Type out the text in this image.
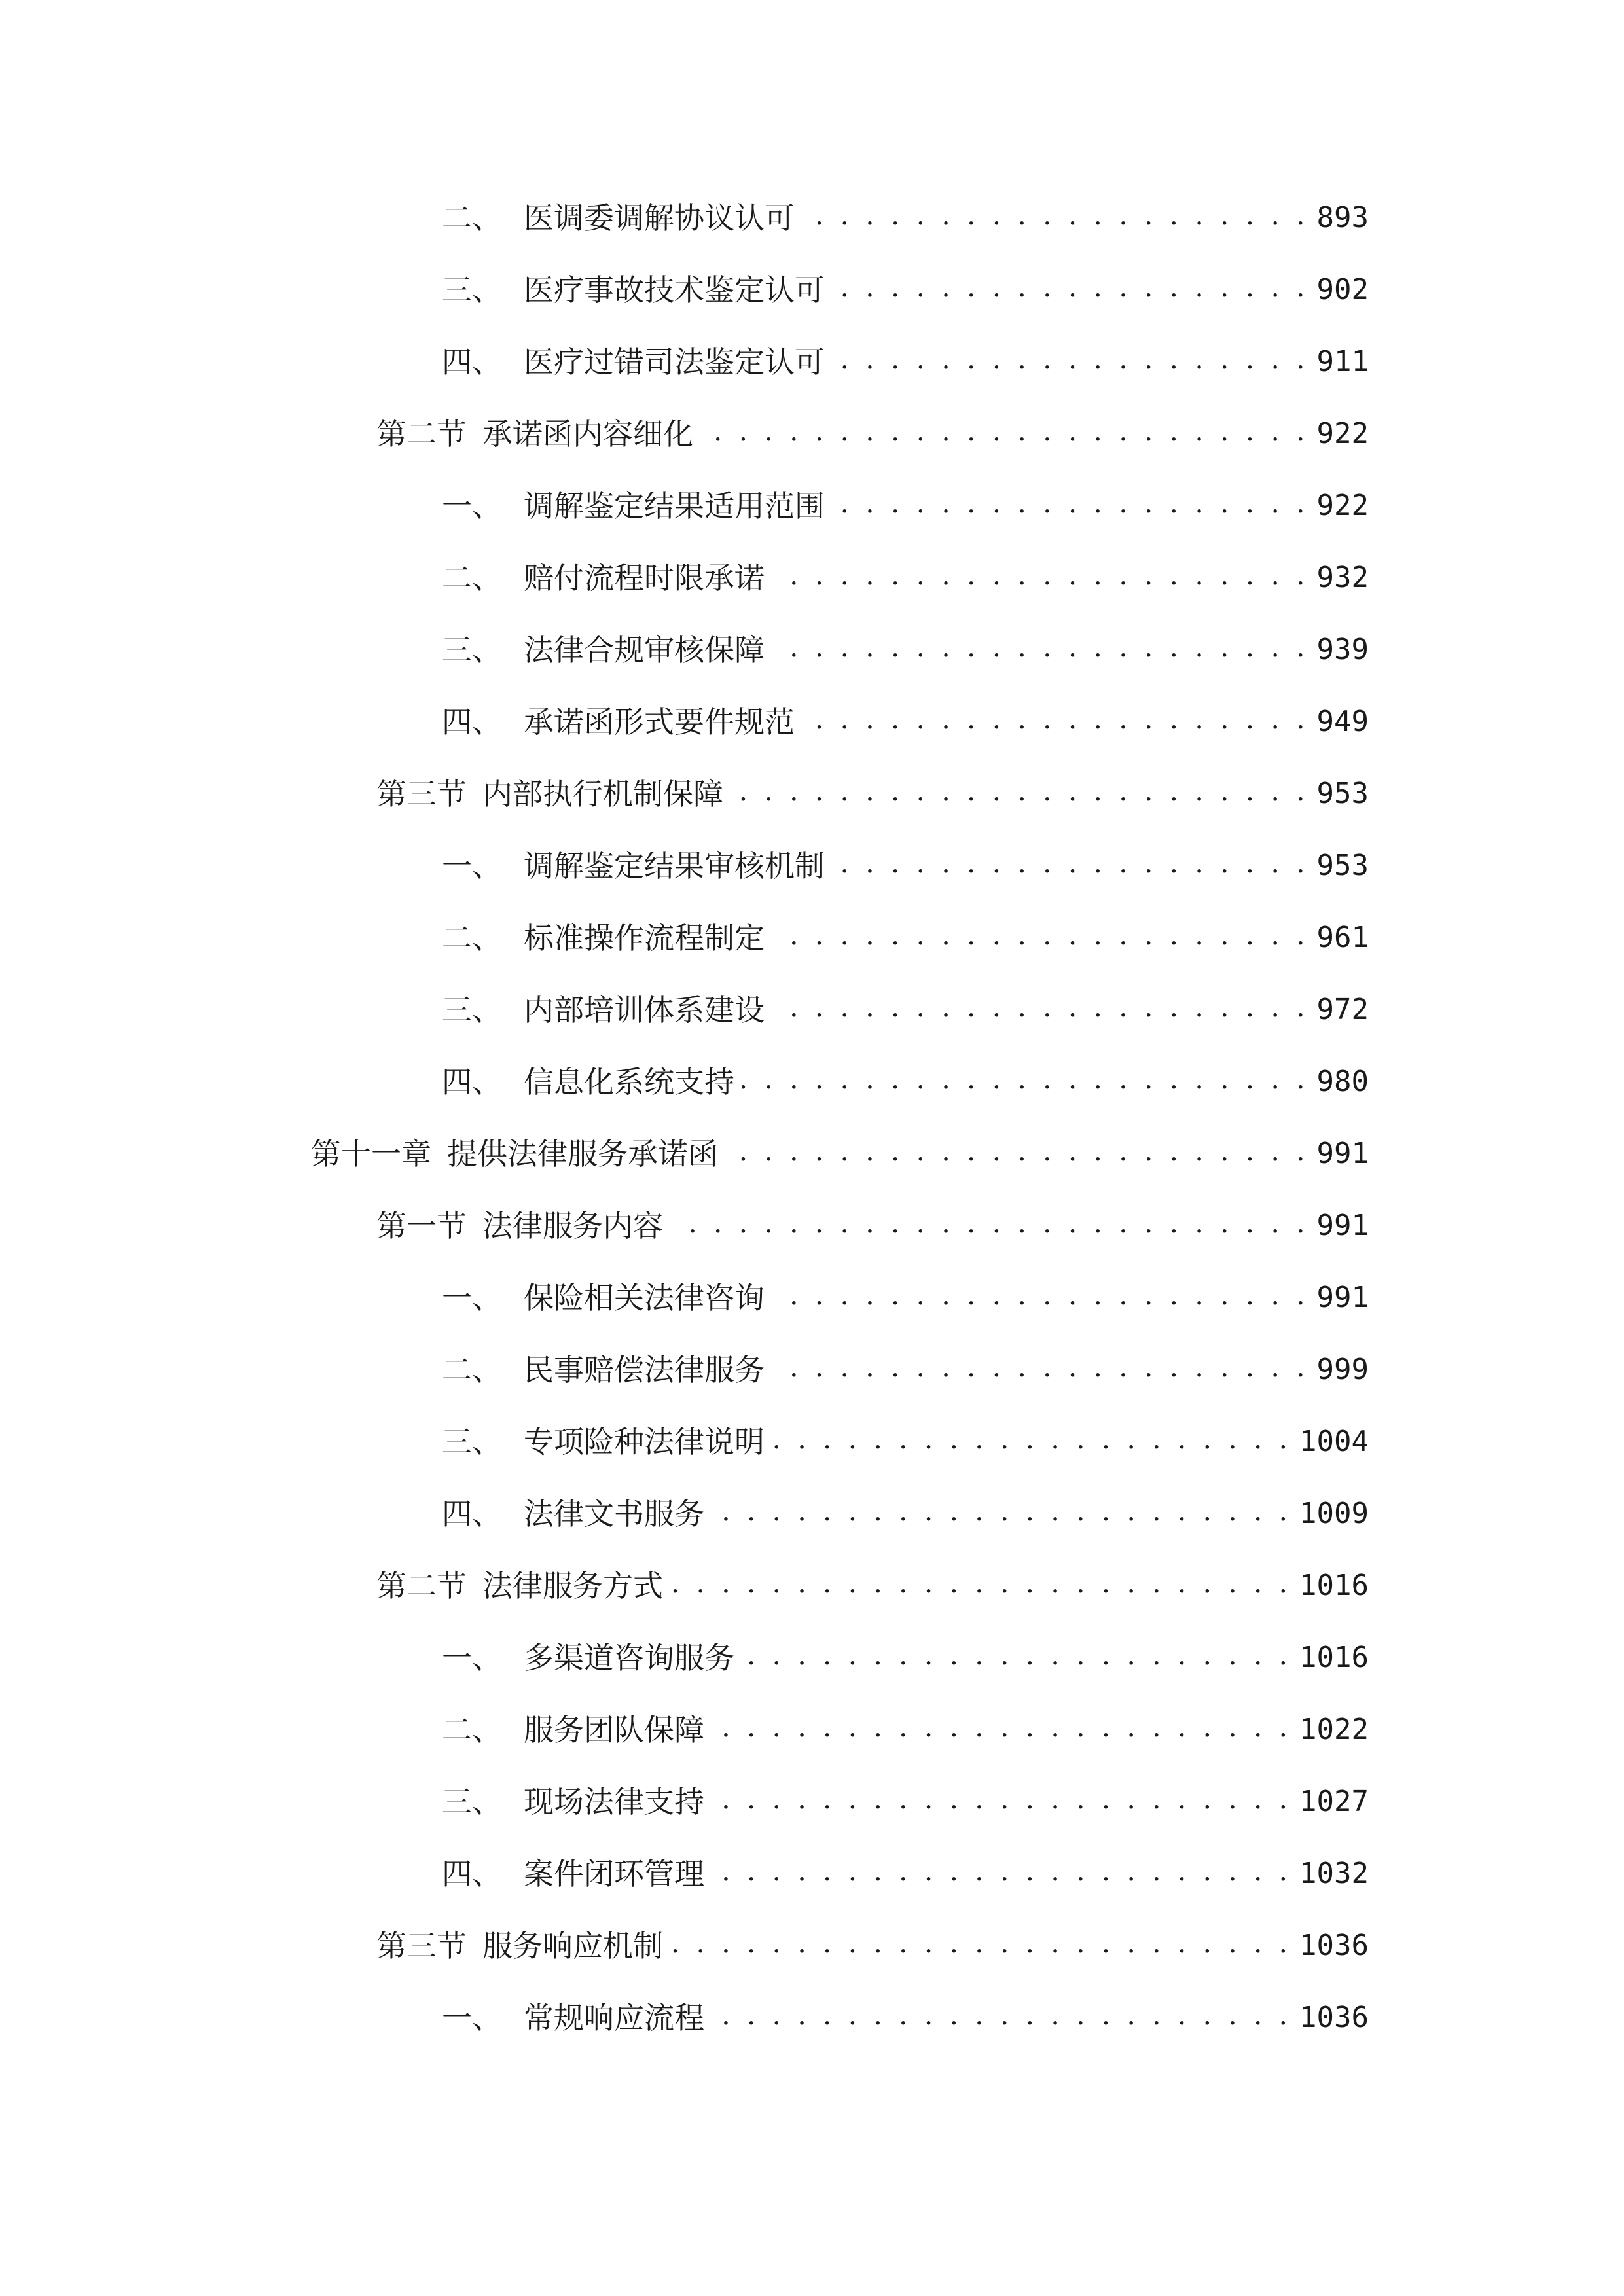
二、 医调委调解协议认可 . . .	893
三、 医疗事故技术鉴定认可 . . .	902
四、 医疗过错司法鉴定认可 . . .	911
第二节 承诺函内容细化 . . .	922
一、 调解鉴定结果适用范围 . . .	922
二、 赔付流程时限承诺 . . .	932
三、 法律合规审核保障 . . .	939
四、 承诺函形式要件规范 . . .	949
第三节 内部执行机制保障 . . .	953
一、 调解鉴定结果审核机制 . . .	953
二、 标准操作流程制定 . . .	961
三、 内部培训体系建设 . . .	972
四、 信息化系统支持 . . .	980
第十一章 提供法律服务承诺函 . . .	991
第一节 法律服务内容 . . .	991
一、 保险相关法律咨询 . . .	991
二、 民事赔偿法律服务 . . .	999
三、 专项险种法律说明 . . .	1004
四、 法律文书服务 . . .	1009
第二节 法律服务方式 . . .	1016
一、 多渠道咨询服务 . . .	1016
二、 服务团队保障 . . .	1022
三、 现场法律支持 . . .	1027
四、 案件闭环管理 . . .	1032
第三节 服务响应机制 . . .	1036
一、 常规响应流程 . . .	1036
